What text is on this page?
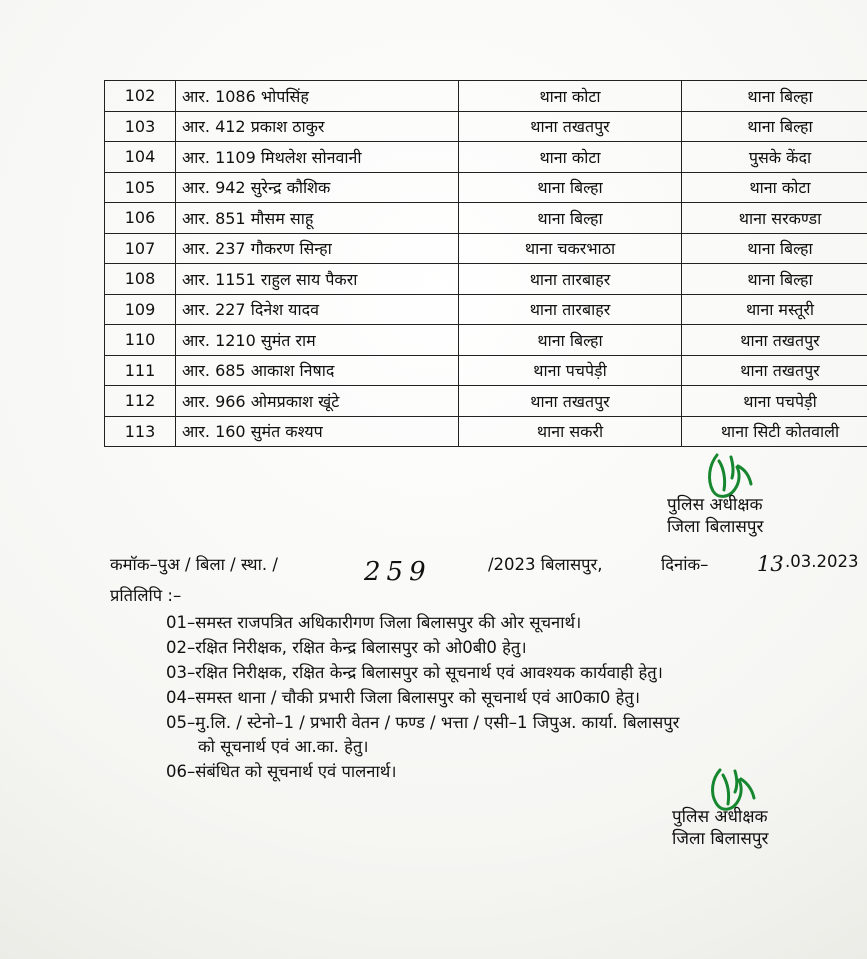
102	आर. 1086 भोपसिंह	थाना कोटा	थाना बिल्हा
103	आर. 412 प्रकाश ठाकुर	थाना तखतपुर	थाना बिल्हा
104	आर. 1109 मिथलेश सोनवानी	थाना कोटा	पुसके केंदा
105	आर. 942 सुरेन्द्र कौशिक	थाना बिल्हा	थाना कोटा
106	आर. 851 मौसम साहू	थाना बिल्हा	थाना सरकण्डा
107	आर. 237 गौकरण सिन्हा	थाना चकरभाठा	थाना बिल्हा
108	आर. 1151 राहुल साय पैकरा	थाना तारबाहर	थाना बिल्हा
109	आर. 227 दिनेश यादव	थाना तारबाहर	थाना मस्तूरी
110	आर. 1210 सुमंत राम	थाना बिल्हा	थाना तखतपुर
111	आर. 685 आकाश निषाद	थाना पचपेड़ी	थाना तखतपुर
112	आर. 966 ओमप्रकाश खूंटे	थाना तखतपुर	थाना पचपेड़ी
113	आर. 160 सुमंत कश्यप	थाना सकरी	थाना सिटी कोतवाली
पुलिस अधीक्षक
जिला बिलासपुर
कमॉक–पुअ / बिला / स्था. /	259	/2023 बिलासपुर,	दिनांक– 13 .03.2023
प्रतिलिपि :–
01–समस्त राजपत्रित अधिकारीगण जिला बिलासपुर की ओर सूचनार्थ।
02–रक्षित निरीक्षक, रक्षित केन्द्र बिलासपुर को ओ0बी0 हेतु।
03–रक्षित निरीक्षक, रक्षित केन्द्र बिलासपुर को सूचनार्थ एवं आवश्यक कार्यवाही हेतु।
04–समस्त थाना / चौकी प्रभारी जिला बिलासपुर को सूचनार्थ एवं आ0का0 हेतु।
05–मु.लि. / स्टेनो–1 / प्रभारी वेतन / फण्ड / भत्ता / एसी–1 जिपुअ. कार्या. बिलासपुर
को सूचनार्थ एवं आ.का. हेतु।
06–संबंधित को सूचनार्थ एवं पालनार्थ।
पुलिस अधीक्षक
जिला बिलासपुर
